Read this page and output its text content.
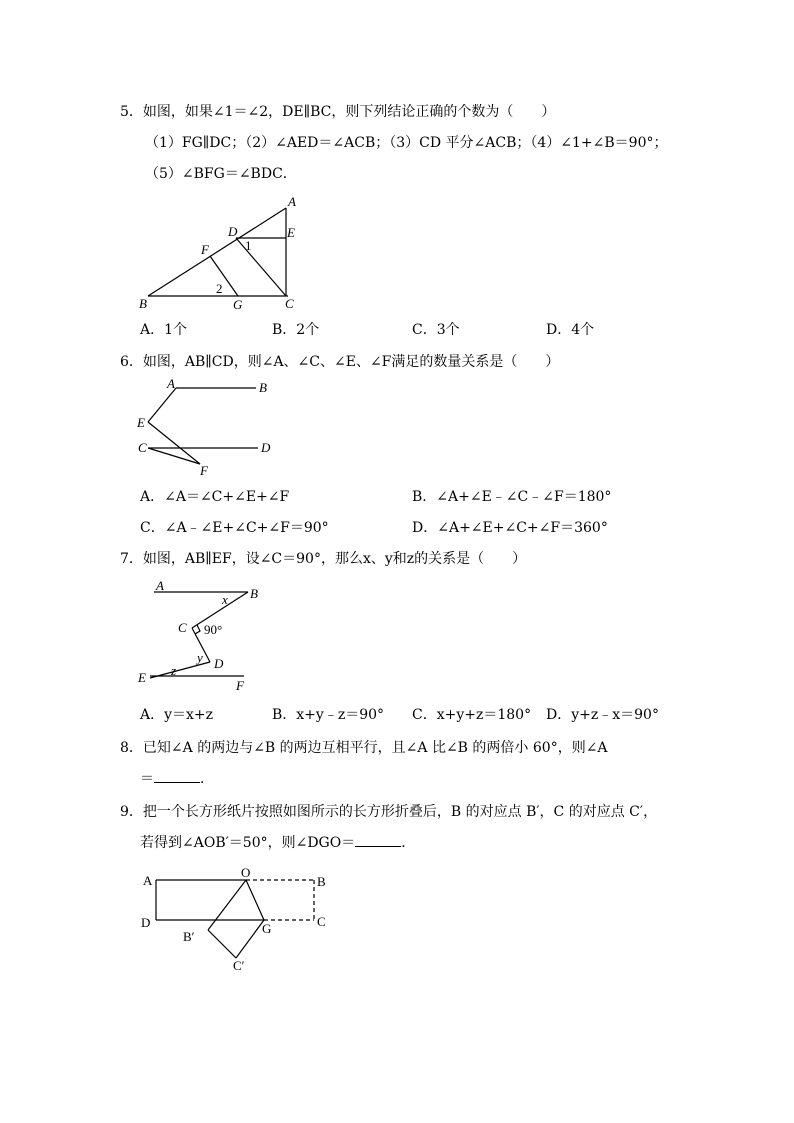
5．如图，如果∠1＝∠2，DE∥BC，则下列结论正确的个数为（　　）
（1）FG∥DC；（2）∠AED＝∠ACB；（3）CD 平分∠ACB；（4）∠1+∠B＝90°；
（5）∠BFG＝∠BDC．
A
D	E
F	1
2
B	G	C
A．1个	B．2个	C．3个	D．4个
6．如图，AB∥CD，则∠A、∠C、∠E、∠F满足的数量关系是（　　）
A	B
E
C	D
F
A．∠A＝∠C+∠E+∠F	B．∠A+∠E﹣∠C﹣∠F＝180°
C．∠A﹣∠E+∠C+∠F＝90°	D．∠A+∠E+∠C+∠F＝360°
7．如图，AB∥EF，设∠C＝90°，那么x、y和z的关系是（　　）
A
B
x
C 90°
y D
E z
F
A．y＝x+z	B．x+y﹣z＝90° C．x+y+z＝180° D．y+z﹣x＝90°
8．已知∠A 的两边与∠B 的两边互相平行，且∠A 比∠B 的两倍小 60°，则∠A
＝	．
9．把一个长方形纸片按照如图所示的长方形折叠后，B 的对应点 B′，C 的对应点 C′，
若得到∠AOB′＝50°，则∠DGO＝	．
A
O
B
D	C
B′
G
C′
